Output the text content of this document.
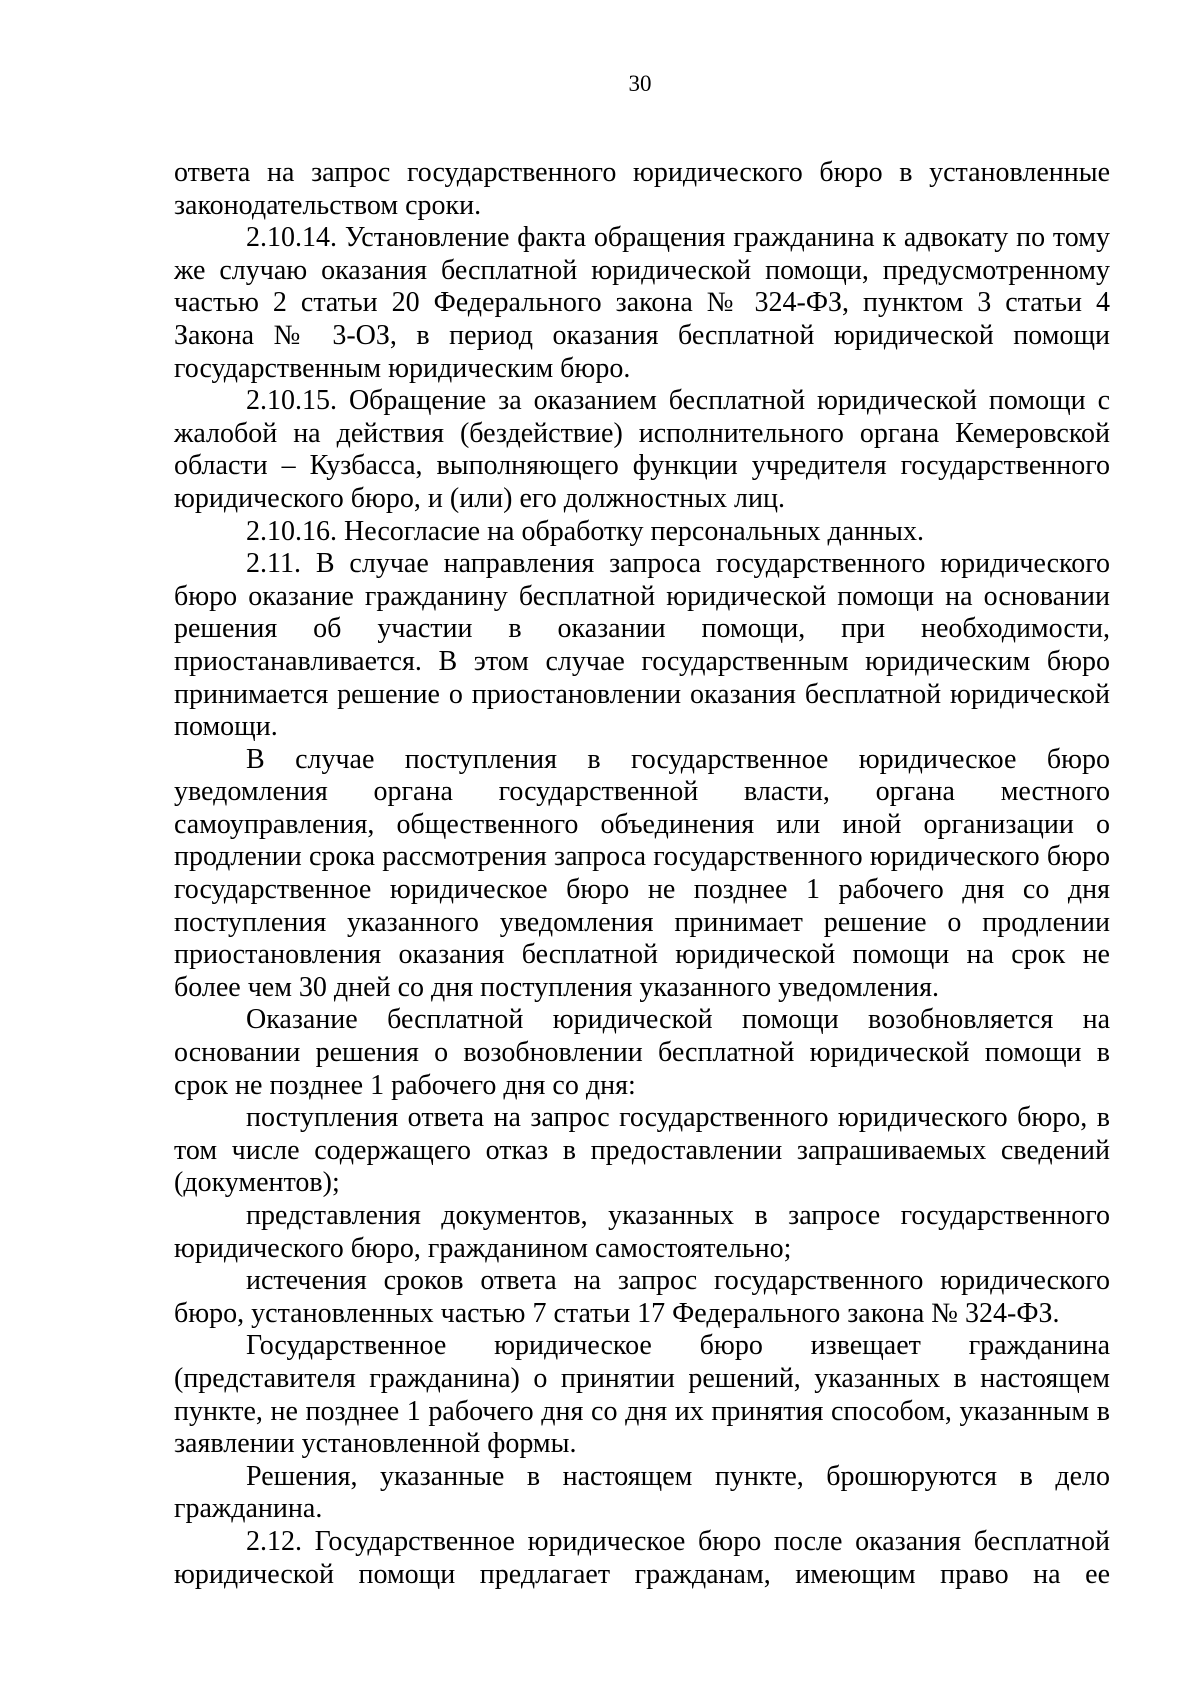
30

ответа на запрос государственного юридического бюро в установленные законодательством сроки.

2.10.14. Установление факта обращения гражданина к адвокату по тому же случаю оказания бесплатной юридической помощи, предусмотренному частью 2 статьи 20 Федерального закона № 324-ФЗ, пунктом 3 статьи 4 Закона № 3-ОЗ, в период оказания бесплатной юридической помощи государственным юридическим бюро.

2.10.15. Обращение за оказанием бесплатной юридической помощи с жалобой на действия (бездействие) исполнительного органа Кемеровской области – Кузбасса, выполняющего функции учредителя государственного юридического бюро, и (или) его должностных лиц.

2.10.16. Несогласие на обработку персональных данных.

2.11. В случае направления запроса государственного юридического бюро оказание гражданину бесплатной юридической помощи на основании решения об участии в оказании помощи, при необходимости, приостанавливается. В этом случае государственным юридическим бюро принимается решение о приостановлении оказания бесплатной юридической помощи.

В случае поступления в государственное юридическое бюро уведомления органа государственной власти, органа местного самоуправления, общественного объединения или иной организации о продлении срока рассмотрения запроса государственного юридического бюро государственное юридическое бюро не позднее 1 рабочего дня со дня поступления указанного уведомления принимает решение о продлении приостановления оказания бесплатной юридической помощи на срок не более чем 30 дней со дня поступления указанного уведомления.

Оказание бесплатной юридической помощи возобновляется на основании решения о возобновлении бесплатной юридической помощи в срок не позднее 1 рабочего дня со дня:

поступления ответа на запрос государственного юридического бюро, в том числе содержащего отказ в предоставлении запрашиваемых сведений (документов);

представления документов, указанных в запросе государственного юридического бюро, гражданином самостоятельно;

истечения сроков ответа на запрос государственного юридического бюро, установленных частью 7 статьи 17 Федерального закона № 324-ФЗ.

Государственное юридическое бюро извещает гражданина (представителя гражданина) о принятии решений, указанных в настоящем пункте, не позднее 1 рабочего дня со дня их принятия способом, указанным в заявлении установленной формы.

Решения, указанные в настоящем пункте, брошюруются в дело гражданина.

2.12. Государственное юридическое бюро после оказания бесплатной юридической помощи предлагает гражданам, имеющим право на ее
